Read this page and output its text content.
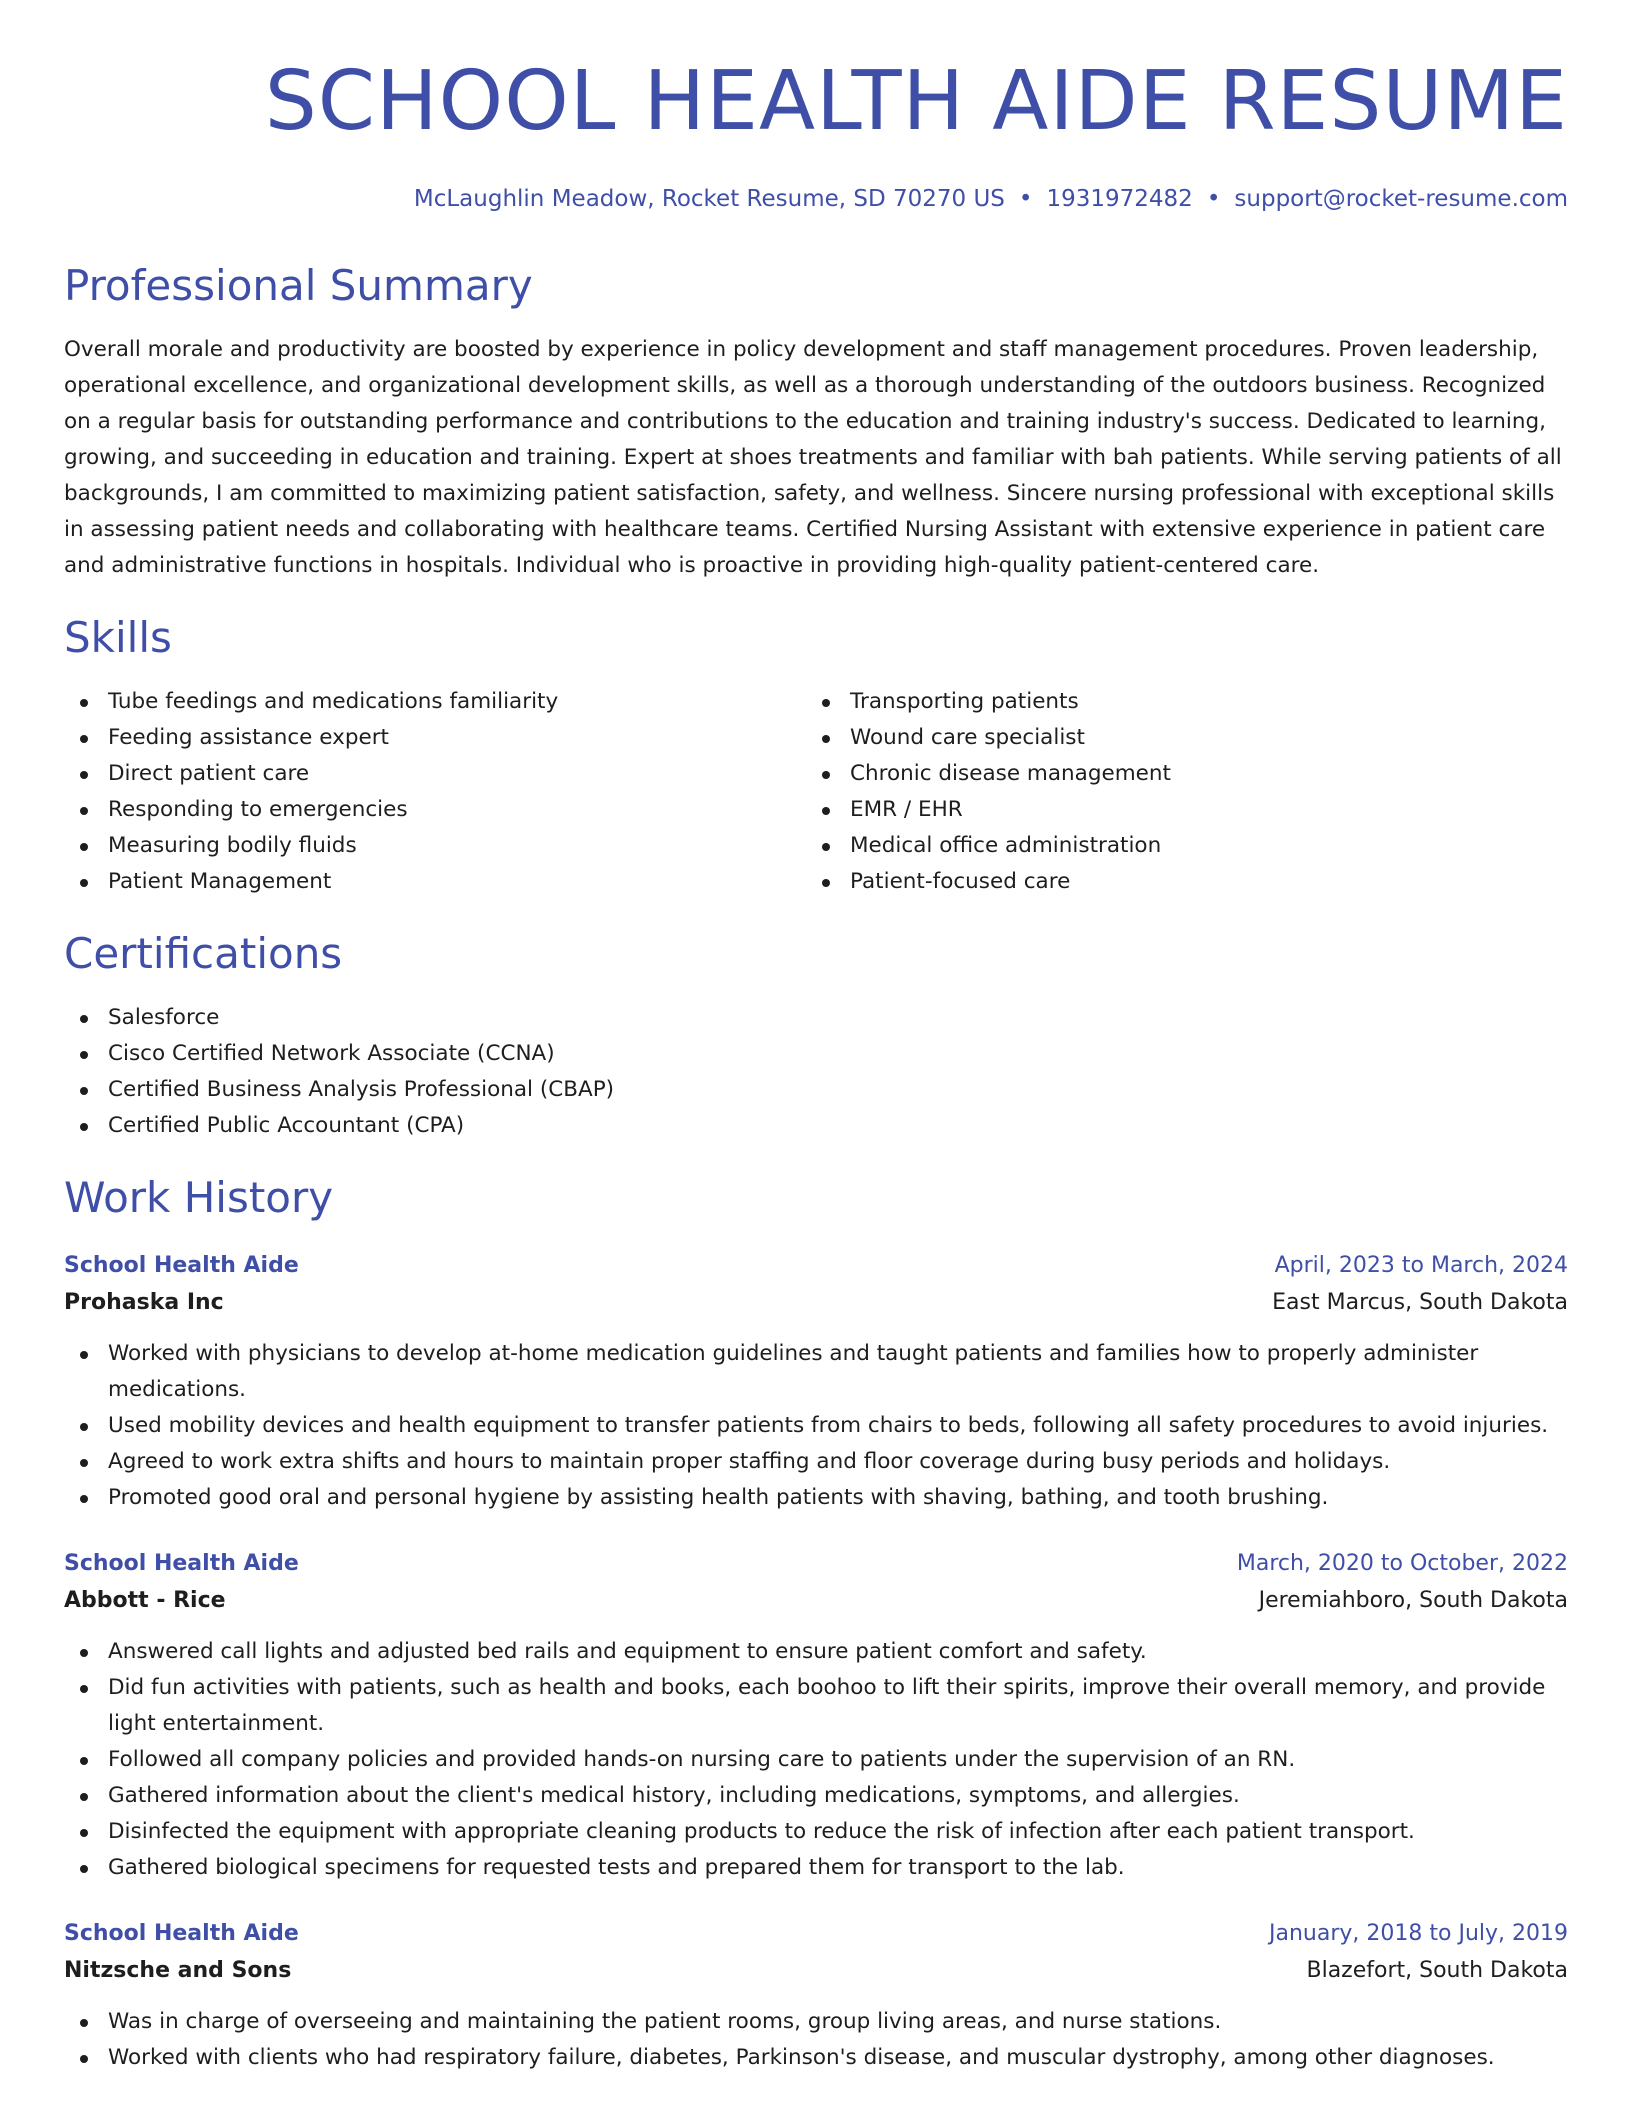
SCHOOL HEALTH AIDE RESUME
McLaughlin Meadow, Rocket Resume, SD 70270 US • 1931972482 • support@rocket-resume.com
Professional Summary

Overall morale and productivity are boosted by experience in policy development and staff management procedures. Proven leadership, operational excellence, and organizational development skills, as well as a thorough understanding of the outdoors business. Recognized on a regular basis for outstanding performance and contributions to the education and training industry's success. Dedicated to learning, growing, and succeeding in education and training. Expert at shoes treatments and familiar with bah patients. While serving patients of all backgrounds, I am committed to maximizing patient satisfaction, safety, and wellness. Sincere nursing professional with exceptional skills in assessing patient needs and collaborating with healthcare teams. Certified Nursing Assistant with extensive experience in patient care and administrative functions in hospitals. Individual who is proactive in providing high-quality patient-centered care.

Skills
Tube feedings and medications familiarity
Feeding assistance expert
Direct patient care
Responding to emergencies
Measuring bodily fluids
Patient Management
Transporting patients
Wound care specialist
Chronic disease management
EMR / EHR
Medical office administration
Patient-focused care
Certifications
Salesforce
Cisco Certified Network Associate (CCNA)
Certified Business Analysis Professional (CBAP)
Certified Public Accountant (CPA)
Work History
School Health Aide	April, 2023 to March, 2024
Prohaska Inc	East Marcus, South Dakota
Worked with physicians to develop at-home medication guidelines and taught patients and families how to properly administer medications.
Used mobility devices and health equipment to transfer patients from chairs to beds, following all safety procedures to avoid injuries.
Agreed to work extra shifts and hours to maintain proper staffing and floor coverage during busy periods and holidays.
Promoted good oral and personal hygiene by assisting health patients with shaving, bathing, and tooth brushing.
School Health Aide	March, 2020 to October, 2022
Abbott - Rice	Jeremiahboro, South Dakota
Answered call lights and adjusted bed rails and equipment to ensure patient comfort and safety.
Did fun activities with patients, such as health and books, each boohoo to lift their spirits, improve their overall memory, and provide light entertainment.
Followed all company policies and provided hands-on nursing care to patients under the supervision of an RN.
Gathered information about the client's medical history, including medications, symptoms, and allergies.
Disinfected the equipment with appropriate cleaning products to reduce the risk of infection after each patient transport.
Gathered biological specimens for requested tests and prepared them for transport to the lab.
School Health Aide	January, 2018 to July, 2019
Nitzsche and Sons	Blazefort, South Dakota
Was in charge of overseeing and maintaining the patient rooms, group living areas, and nurse stations.
Worked with clients who had respiratory failure, diabetes, Parkinson's disease, and muscular dystrophy, among other diagnoses.
